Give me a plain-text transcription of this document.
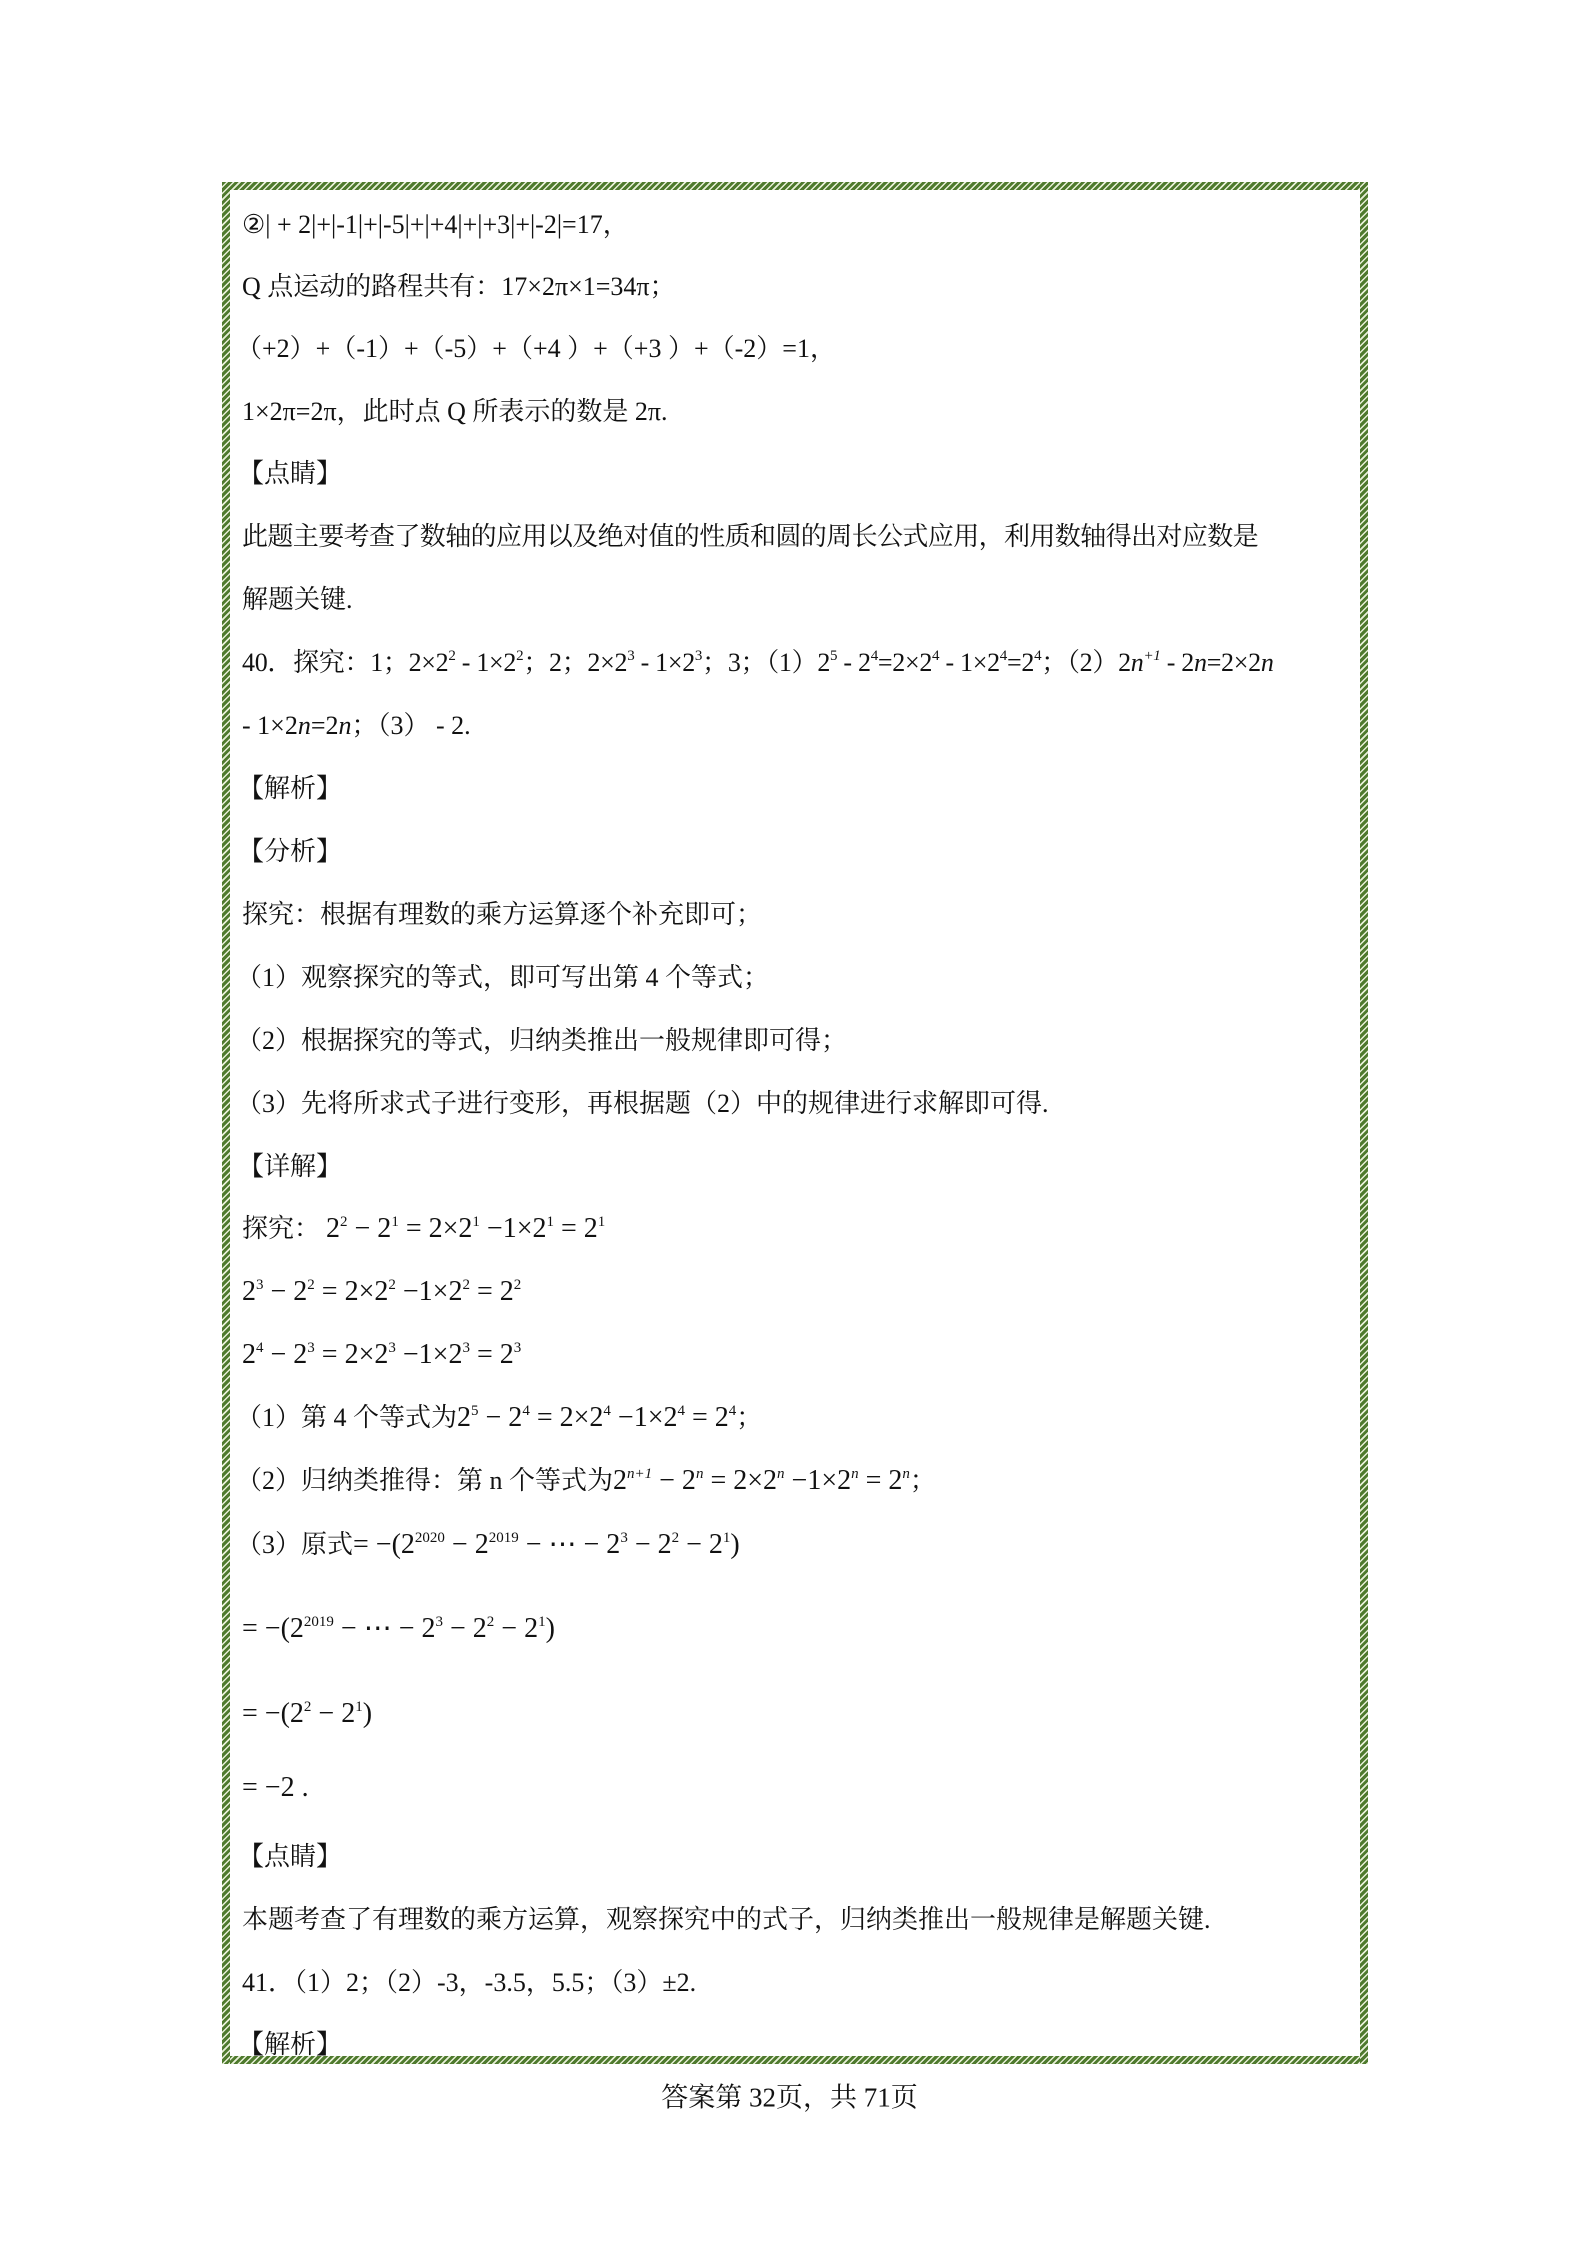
②| + 2|+|-1|+|-5|+|+4|+|+3|+|-2|=17，
Q 点运动的路程共有：17×2π×1=34π；
（+2）+（-1）+（-5）+（+4 ）+（+3 ）+（-2）=1，
1×2π=2π，此时点 Q 所表示的数是 2π.
【点睛】
此题主要考查了数轴的应用以及绝对值的性质和圆的周长公式应用，利用数轴得出对应数是
解题关键.
40．探究：1；$2\times 2^2 - 1\times 2^2$；2；$2\times 2^3 - 1\times 2^3$；3；$(1)2^5 - 2^4=2\times 2^4 - 1\times 2^4=2^4$；$(2)2n^{+1} - 2n=2\times 2n$
- 1×2n=2n；（3） - 2.
【解析】
【分析】
探究：根据有理数的乘方运算逐个补充即可；
（1）观察探究的等式，即可写出第 4 个等式；
（2）根据探究的等式，归纳类推出一般规律即可得；
（3）先将所求式子进行变形，再根据题（2）中的规律进行求解即可得.
【详解】
探究： $2^2 - 2^1 = 2\times 2^1 -1\times 2^1 = 2^1$
$2^3 - 2^2 = 2\times 2^2 -1\times 2^2 = 2^2$
$2^4 - 2^3 = 2\times 2^3 -1\times 2^3 = 2^3$
（1）第 4 个等式为$2^5 - 2^4 = 2\times 2^4 -1\times 2^4 = 2^4$；
（2）归纳类推得：第 n 个等式为$2^{n+1} - 2^n = 2\times 2^n -1\times 2^n = 2^n$；
（3）原式= $-(2^{2020} - 2^{2019}$ − ⋯ − $2^3 - 2^2 - 2^1$)
= $-(2^{2019}$ − ⋯ − $2^3 - 2^2 - 2^1$)
= $-(2^2 - 2^1)$
= −2 .
【点睛】
本题考查了有理数的乘方运算，观察探究中的式子，归纳类推出一般规律是解题关键.
41．（1）2；（2）-3，-3.5，5.5；（3）±2.
【解析】
答案第 32页，共 71页
